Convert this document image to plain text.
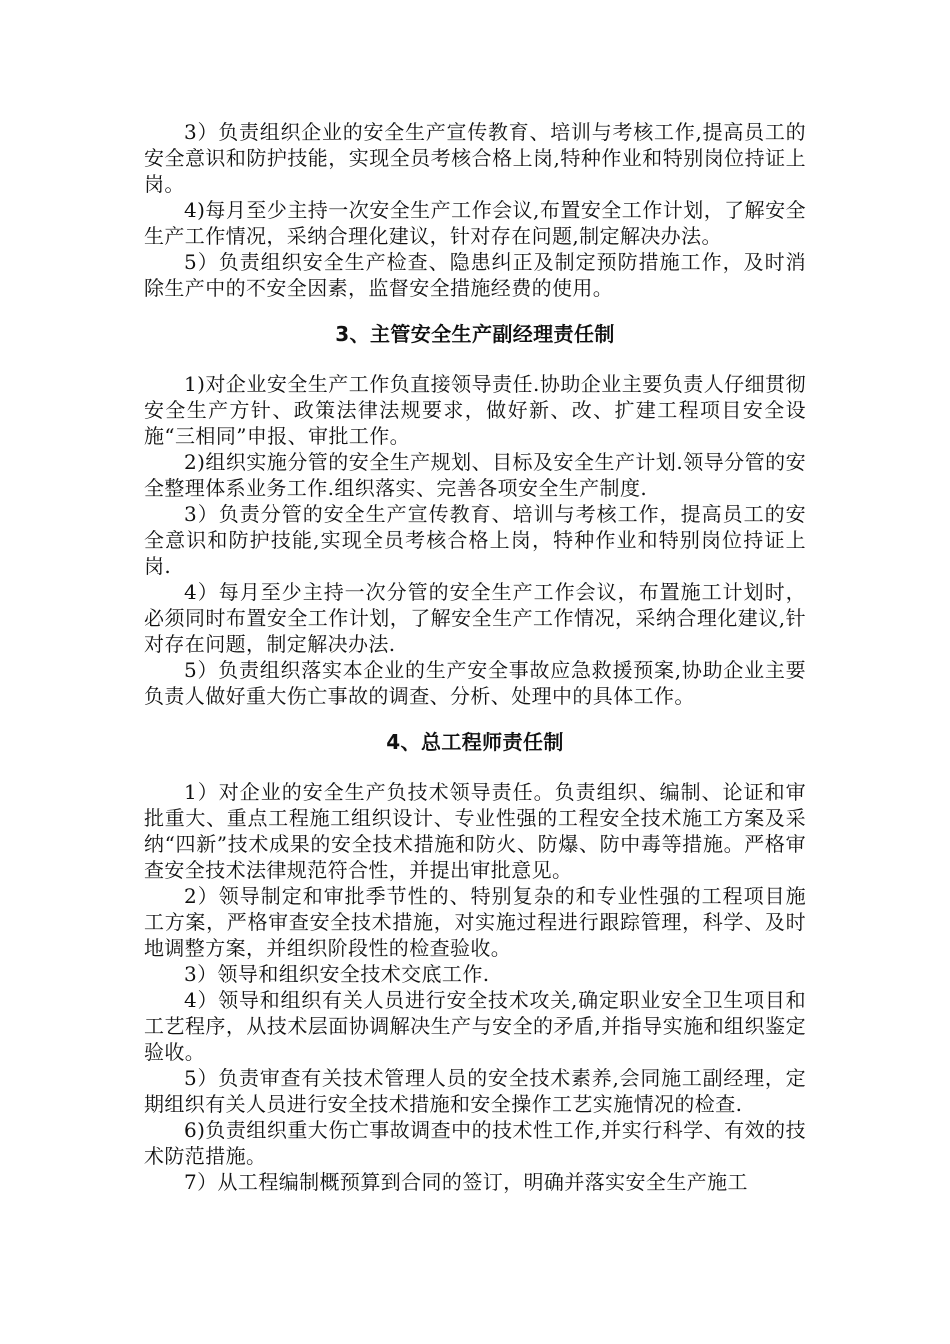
3）负责组织企业的安全生产宣传教育、培训与考核工作,提高员工的安全意识和防护技能，实现全员考核合格上岗,特种作业和特别岗位持证上岗。

4)每月至少主持一次安全生产工作会议,布置安全工作计划，了解安全生产工作情况，采纳合理化建议，针对存在问题,制定解决办法。

5）负责组织安全生产检查、隐患纠正及制定预防措施工作，及时消除生产中的不安全因素，监督安全措施经费的使用。

3、主管安全生产副经理责任制

1)对企业安全生产工作负直接领导责任.协助企业主要负责人仔细贯彻安全生产方针、政策法律法规要求，做好新、改、扩建工程项目安全设施“三相同”申报、审批工作。

2)组织实施分管的安全生产规划、目标及安全生产计划.领导分管的安全整理体系业务工作.组织落实、完善各项安全生产制度.

3）负责分管的安全生产宣传教育、培训与考核工作，提高员工的安全意识和防护技能,实现全员考核合格上岗，特种作业和特别岗位持证上岗.

4）每月至少主持一次分管的安全生产工作会议，布置施工计划时，必须同时布置安全工作计划，了解安全生产工作情况，采纳合理化建议,针对存在问题，制定解决办法.

5）负责组织落实本企业的生产安全事故应急救援预案,协助企业主要负责人做好重大伤亡事故的调查、分析、处理中的具体工作。

4、总工程师责任制

1）对企业的安全生产负技术领导责任。负责组织、编制、论证和审批重大、重点工程施工组织设计、专业性强的工程安全技术施工方案及采纳“四新”技术成果的安全技术措施和防火、防爆、防中毒等措施。严格审查安全技术法律规范符合性，并提出审批意见。

2）领导制定和审批季节性的、特别复杂的和专业性强的工程项目施工方案，严格审查安全技术措施，对实施过程进行跟踪管理，科学、及时地调整方案，并组织阶段性的检查验收。

3）领导和组织安全技术交底工作.

4）领导和组织有关人员进行安全技术攻关,确定职业安全卫生项目和工艺程序，从技术层面协调解决生产与安全的矛盾,并指导实施和组织鉴定验收。

5）负责审查有关技术管理人员的安全技术素养,会同施工副经理，定期组织有关人员进行安全技术措施和安全操作工艺实施情况的检查.

6)负责组织重大伤亡事故调查中的技术性工作,并实行科学、有效的技术防范措施。

7）从工程编制概预算到合同的签订，明确并落实安全生产施工
